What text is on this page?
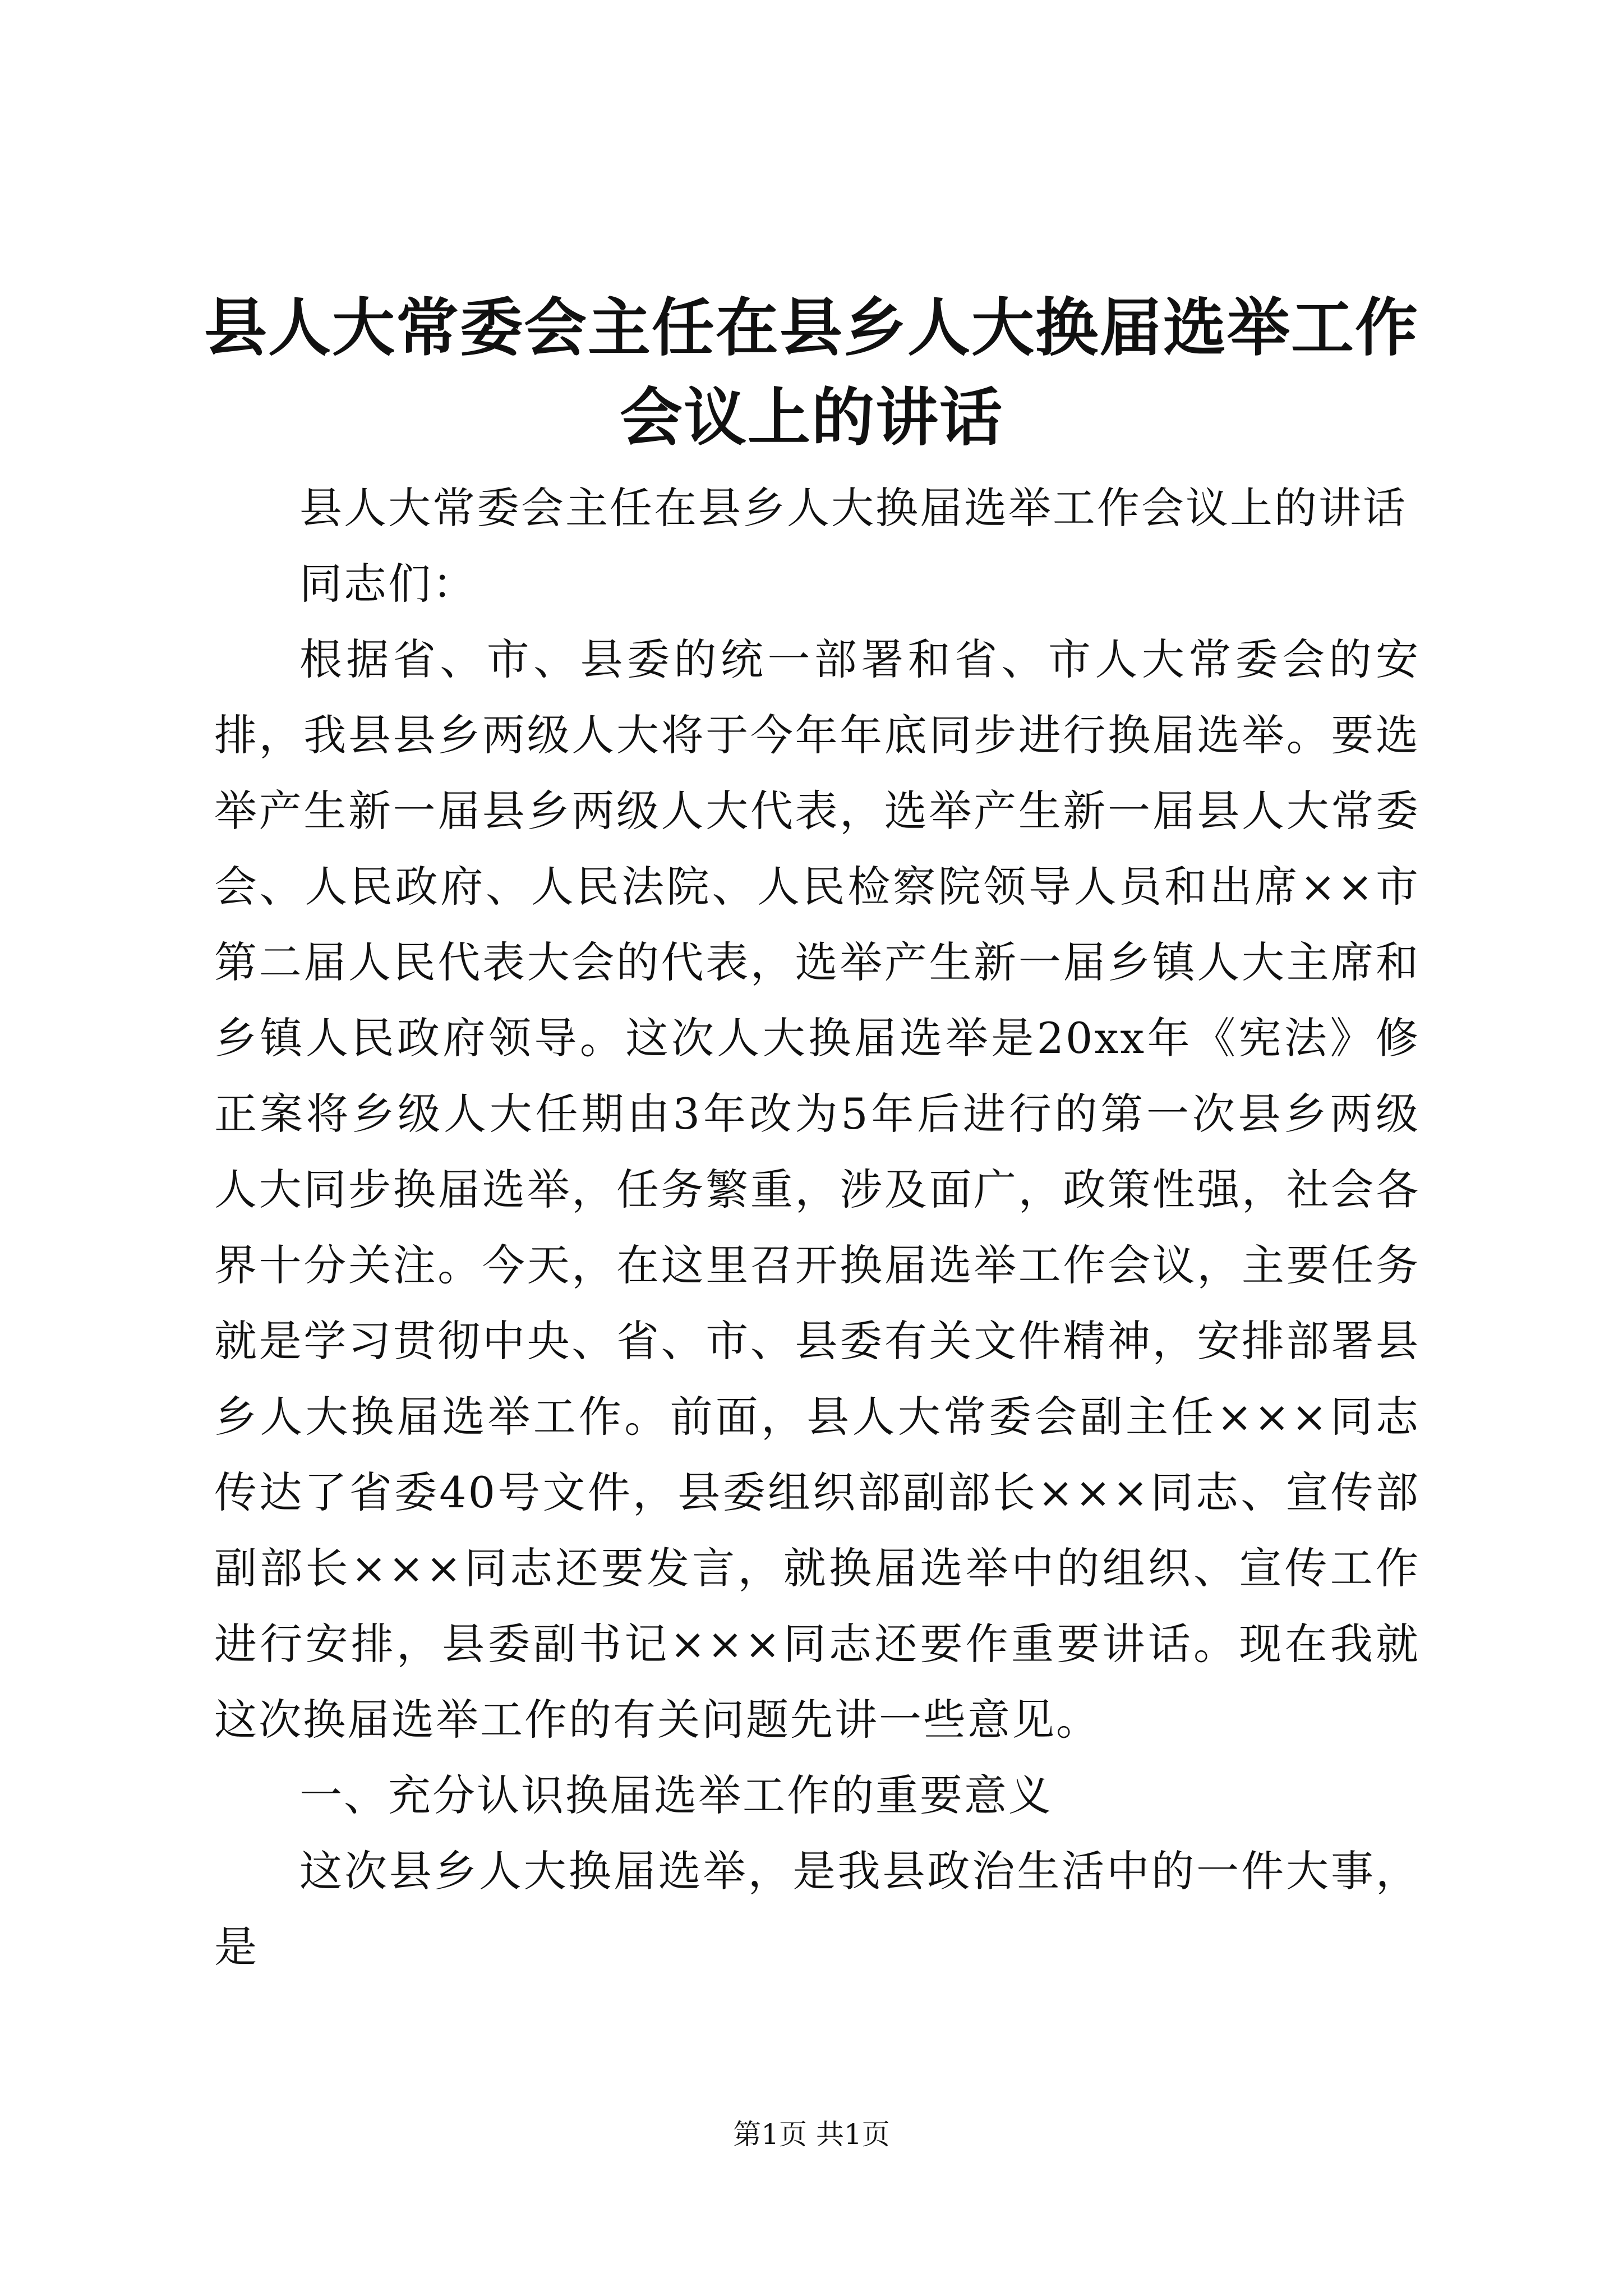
县人大常委会主任在县乡人大换届选举工作会议上的讲话

县人大常委会主任在县乡人大换届选举工作会议上的讲话

同志们：

根据省、市、县委的统一部署和省、市人大常委会的安排，我县县乡两级人大将于今年年底同步进行换届选举。要选举产生新一届县乡两级人大代表，选举产生新一届县人大常委会、人民政府、人民法院、人民检察院领导人员和出席××市第二届人民代表大会的代表，选举产生新一届乡镇人大主席和乡镇人民政府领导。这次人大换届选举是20xx年《宪法》修正案将乡级人大任期由3年改为5年后进行的第一次县乡两级人大同步换届选举，任务繁重，涉及面广，政策性强，社会各界十分关注。今天，在这里召开换届选举工作会议，主要任务就是学习贯彻中央、省、市、县委有关文件精神，安排部署县乡人大换届选举工作。前面，县人大常委会副主任×××同志传达了省委40号文件，县委组织部副部长×××同志、宣传部副部长×××同志还要发言，就换届选举中的组织、宣传工作进行安排，县委副书记×××同志还要作重要讲话。现在我就这次换届选举工作的有关问题先讲一些意见。

一、充分认识换届选举工作的重要意义

这次县乡人大换届选举，是我县政治生活中的一件大事，是

第1页 共1页
